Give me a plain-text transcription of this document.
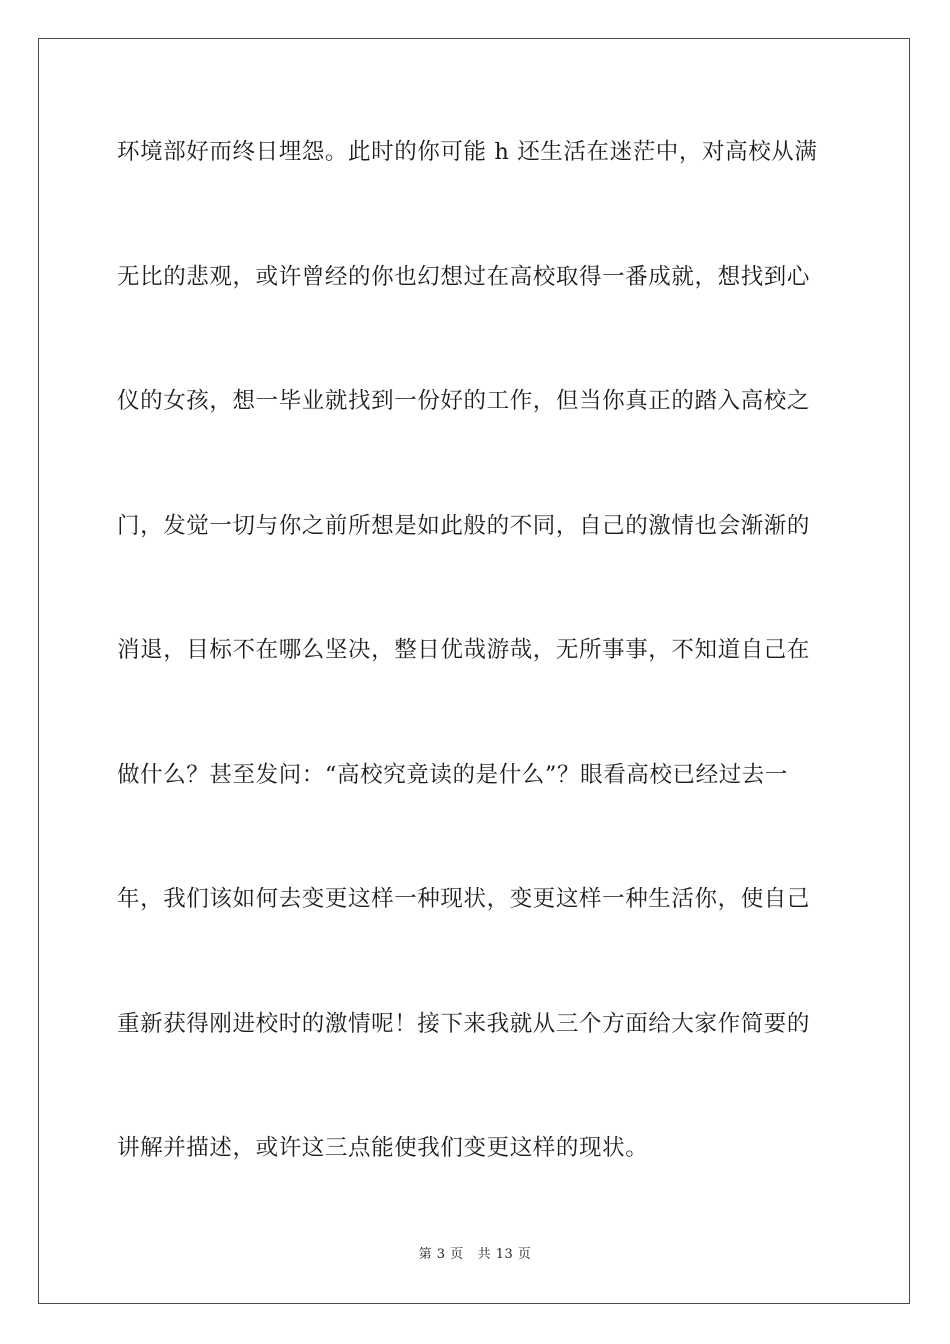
环境部好而终日埋怨。此时的你可能 h 还生活在迷茫中，对高校从满
无比的悲观，或许曾经的你也幻想过在高校取得一番成就，想找到心
仪的女孩，想一毕业就找到一份好的工作，但当你真正的踏入高校之
门，发觉一切与你之前所想是如此般的不同，自己的激情也会渐渐的
消退，目标不在哪么坚决，整日优哉游哉，无所事事，不知道自己在
做什么？甚至发问：“高校究竟读的是什么”？眼看高校已经过去一
年，我们该如何去变更这样一种现状，变更这样一种生活你，使自己
重新获得刚进校时的激情呢！接下来我就从三个方面给大家作简要的
讲解并描述，或许这三点能使我们变更这样的现状。
第 3 页 共 13 页
